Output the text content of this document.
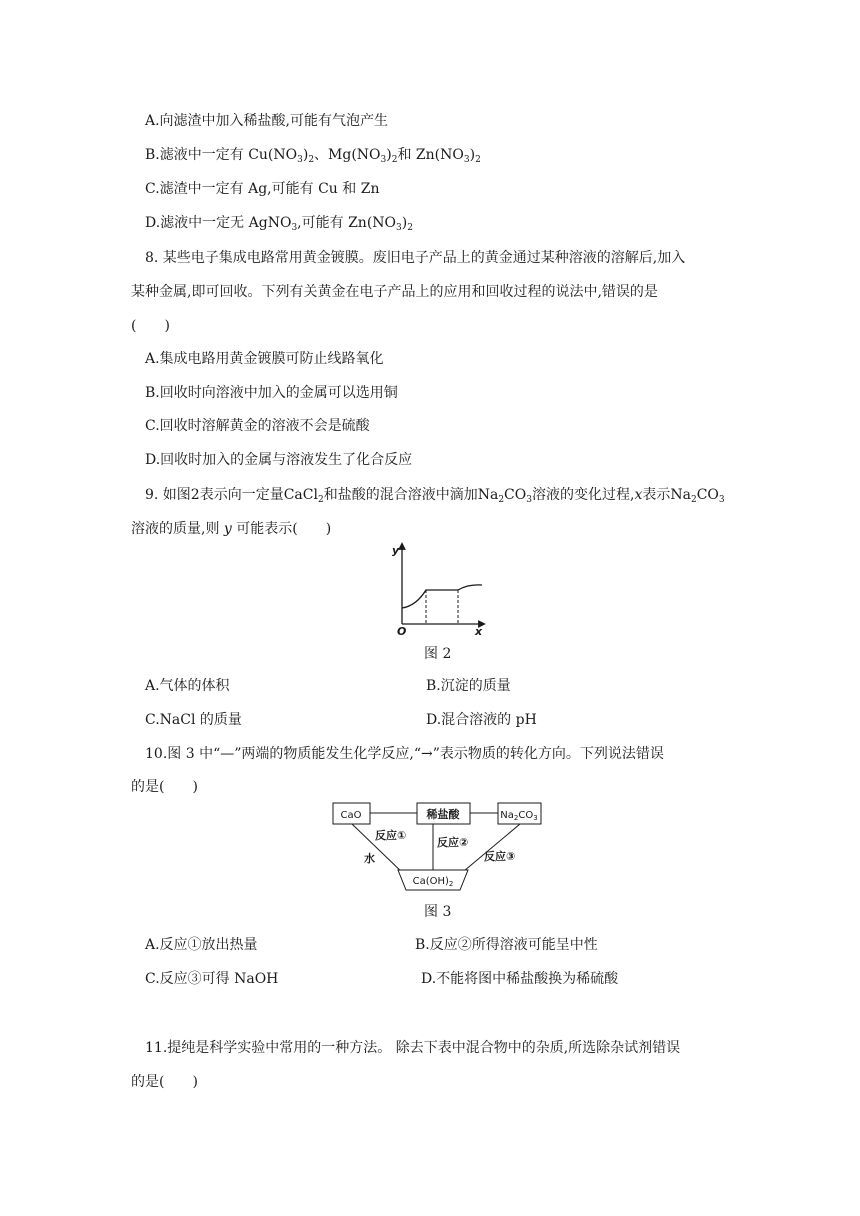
A.向滤渣中加入稀盐酸,可能有气泡产生
B.滤液中一定有 $Cu(NO_3)_2$、$Mg(NO_3)_2$和 $Zn(NO_3)_2$
C.滤渣中一定有 Ag,可能有 Cu 和 Zn
D.滤液中一定无 AgNO$_3$,可能有 $Zn(NO_3)_2$
8. 某些电子集成电路常用黄金镀膜。废旧电子产品上的黄金通过某种溶液的溶解后,加入
某种金属,即可回收。下列有关黄金在电子产品上的应用和回收过程的说法中,错误的是
(　　)
A.集成电路用黄金镀膜可防止线路氧化
B.回收时向溶液中加入的金属可以选用铜
C.回收时溶解黄金的溶液不会是硫酸
D.回收时加入的金属与溶液发生了化合反应
9. 如图2表示向一定量CaCl$_2$和盐酸的混合溶液中滴加$Na_2CO_3$溶液的变化过程,x表示$Na_2CO_3$
溶液的质量,则 y 可能表示(　　)
y
x
O
图 2
A.气体的体积	B.沉淀的质量
C.NaCl 的质量	D.混合溶液的 pH
10.图 3 中“—”两端的物质能发生化学反应,“→”表示物质的转化方向。下列说法错误
的是(　　)
CaO	稀盐酸	$Na_2CO_3$
$Ca(OH)_2$
反应①
水
反应②
反应③
图 3
A.反应①放出热量	B.反应②所得溶液可能呈中性
C.反应③可得 NaOH	D.不能将图中稀盐酸换为稀硫酸
11.提纯是科学实验中常用的一种方法。 除去下表中混合物中的杂质,所选除杂试剂错误
的是(　　)
